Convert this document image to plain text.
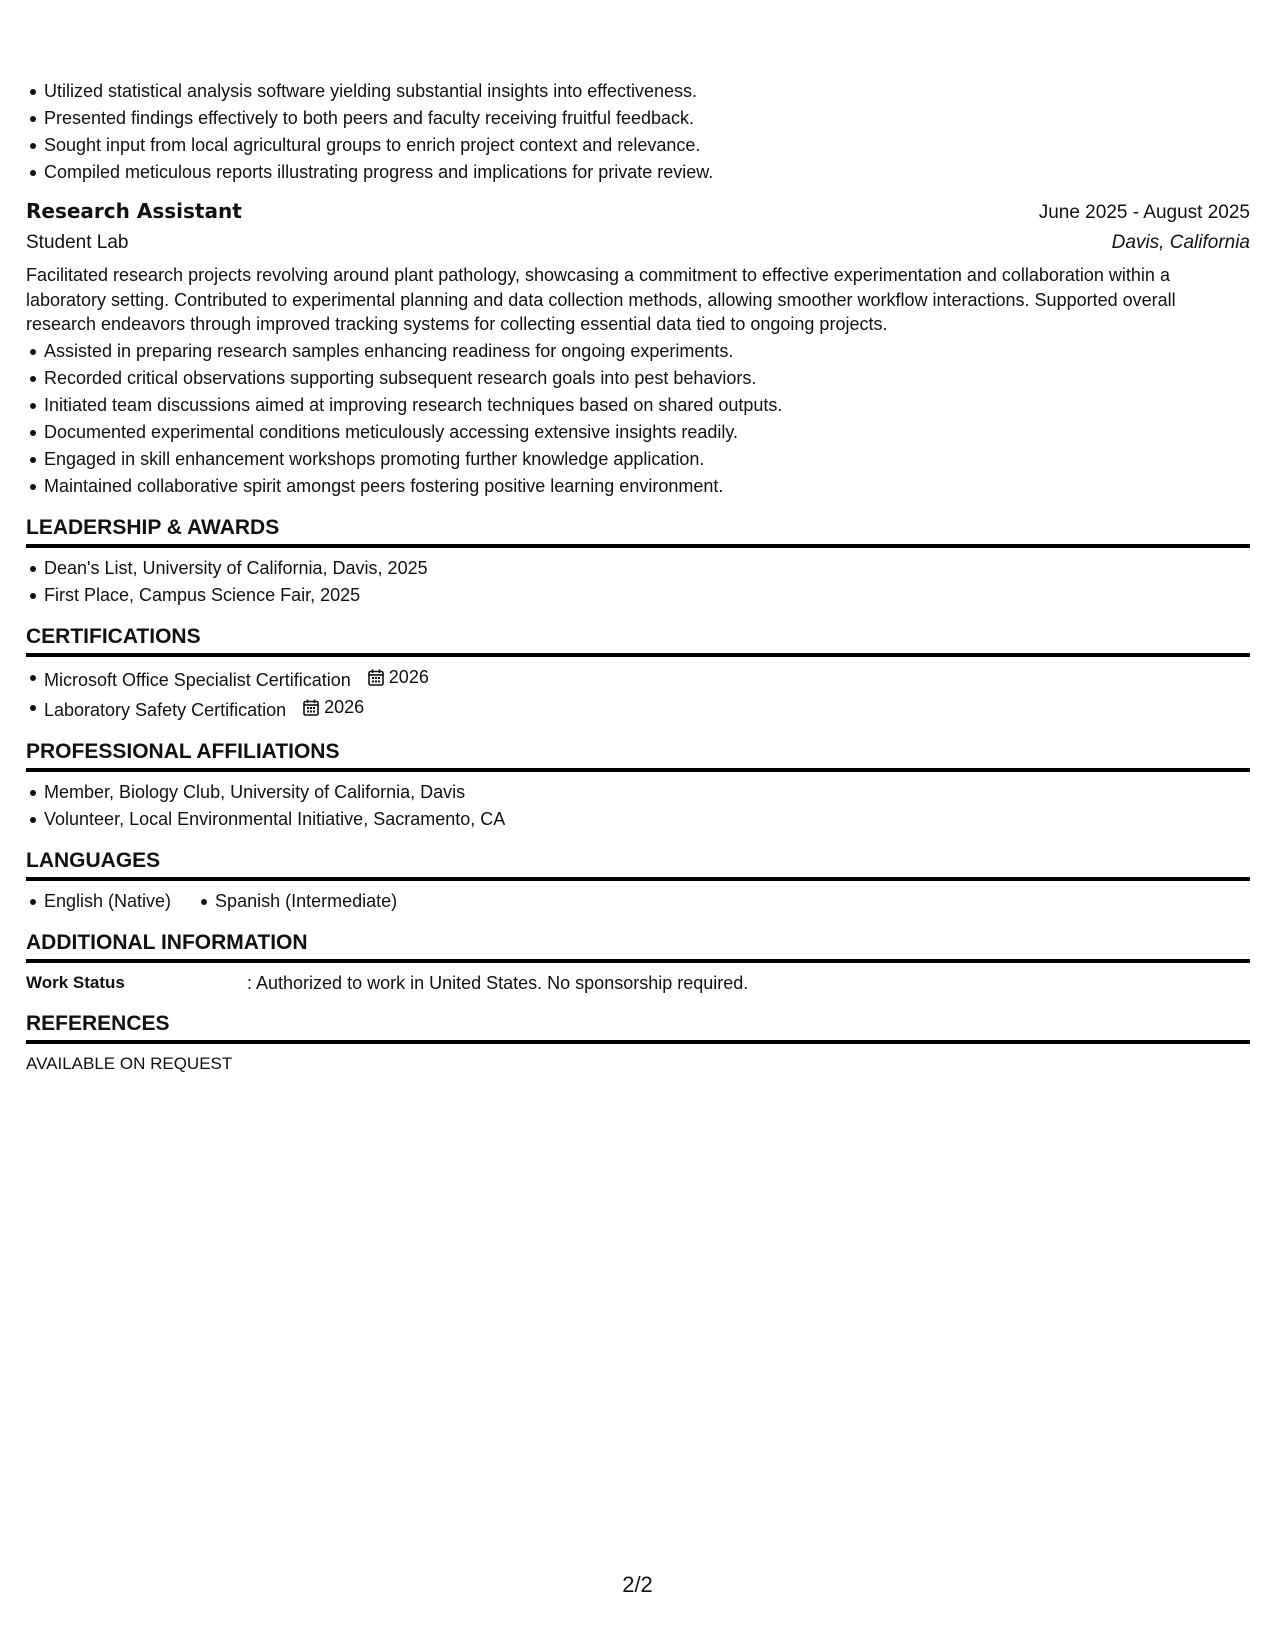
Utilized statistical analysis software yielding substantial insights into effectiveness.
Presented findings effectively to both peers and faculty receiving fruitful feedback.
Sought input from local agricultural groups to enrich project context and relevance.
Compiled meticulous reports illustrating progress and implications for private review.
Research Assistant	June 2025 - August 2025
Student Lab	Davis, California
Facilitated research projects revolving around plant pathology, showcasing a commitment to effective experimentation and collaboration within a laboratory setting. Contributed to experimental planning and data collection methods, allowing smoother workflow interactions. Supported overall research endeavors through improved tracking systems for collecting essential data tied to ongoing projects.
Assisted in preparing research samples enhancing readiness for ongoing experiments.
Recorded critical observations supporting subsequent research goals into pest behaviors.
Initiated team discussions aimed at improving research techniques based on shared outputs.
Documented experimental conditions meticulously accessing extensive insights readily.
Engaged in skill enhancement workshops promoting further knowledge application.
Maintained collaborative spirit amongst peers fostering positive learning environment.
LEADERSHIP & AWARDS
Dean's List, University of California, Davis, 2025
First Place, Campus Science Fair, 2025
CERTIFICATIONS
Microsoft Office Specialist Certification 2026
Laboratory Safety Certification 2026
PROFESSIONAL AFFILIATIONS
Member, Biology Club, University of California, Davis
Volunteer, Local Environmental Initiative, Sacramento, CA
LANGUAGES
English (Native) Spanish (Intermediate)
ADDITIONAL INFORMATION
Work Status	: Authorized to work in United States. No sponsorship required.
REFERENCES
AVAILABLE ON REQUEST
2/2
